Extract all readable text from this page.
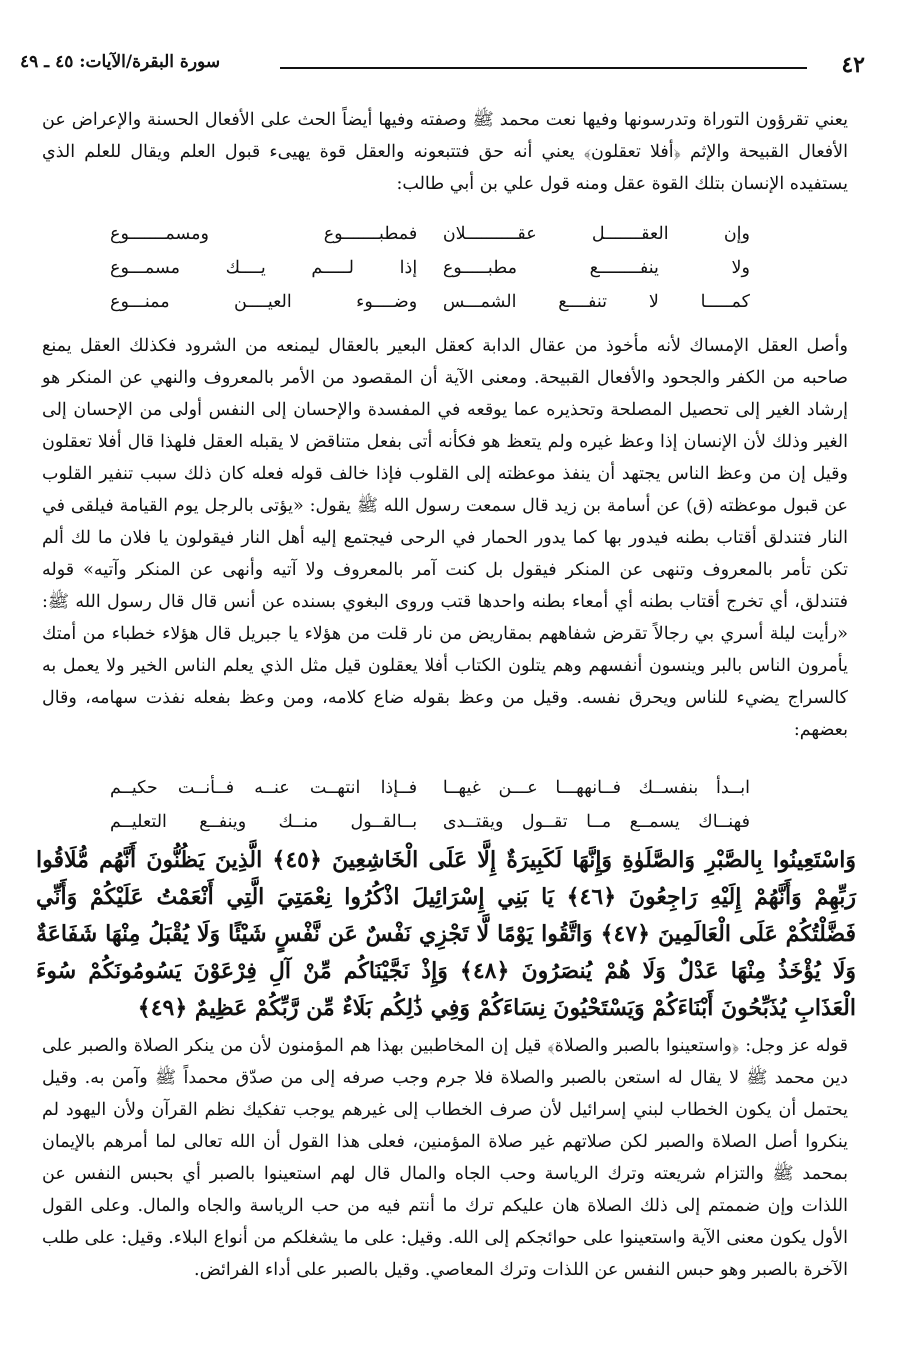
٤٢
سورة البقرة/الآيات: ٤٥ ـ ٤٩

يعني تقرؤون التوراة وتدرسونها وفيها نعت محمد ﷺ وصفته وفيها أيضاً الحث على الأفعال الحسنة والإعراض عن الأفعال القبيحة والإثم ﴿أفلا تعقلون﴾ يعني أنه حق فتتبعونه والعقل قوة يهيىء قبول العلم ويقال للعلم الذي يستفيده الإنسان بتلك القوة عقل ومنه قول علي بن أبي طالب:

وإن العقـــــــل عقــــــــــلان
فمطبـــــــوع ومسمـــــــوع
ولا ينفــــــــع مطبـــــوع
إذا لـــــم يــــك مسمـــوع
كمـــــا لا تنفــــع الشمـــس
وضــــوء العيــــن ممنـــوع

وأصل العقل الإمساك لأنه مأخوذ من عقال الدابة كعقل البعير بالعقال ليمنعه من الشرود فكذلك العقل يمنع صاحبه من الكفر والجحود والأفعال القبيحة. ومعنى الآية أن المقصود من الأمر بالمعروف والنهي عن المنكر هو إرشاد الغير إلى تحصيل المصلحة وتحذيره عما يوقعه في المفسدة والإحسان إلى النفس أولى من الإحسان إلى الغير وذلك لأن الإنسان إذا وعظ غيره ولم يتعظ هو فكأنه أتى بفعل متناقض لا يقبله العقل فلهذا قال أفلا تعقلون وقيل إن من وعظ الناس يجتهد أن ينفذ موعظته إلى القلوب فإذا خالف قوله فعله كان ذلك سبب تنفير القلوب عن قبول موعظته (ق) عن أسامة بن زيد قال سمعت رسول الله ﷺ يقول: «يؤتى بالرجل يوم القيامة فيلقى في النار فتندلق أقتاب بطنه فيدور بها كما يدور الحمار في الرحى فيجتمع إليه أهل النار فيقولون يا فلان ما لك ألم تكن تأمر بالمعروف وتنهى عن المنكر فيقول بل كنت آمر بالمعروف ولا آتيه وأنهى عن المنكر وآتيه» قوله فتندلق، أي تخرج أقتاب بطنه أي أمعاء بطنه واحدها قتب وروى البغوي بسنده عن أنس قال قال رسول الله ﷺ: «رأيت ليلة أسري بي رجالاً تقرض شفاههم بمقاريض من نار قلت من هؤلاء يا جبريل قال هؤلاء خطباء من أمتك يأمرون الناس بالبر وينسون أنفسهم وهم يتلون الكتاب أفلا يعقلون قيل مثل الذي يعلم الناس الخير ولا يعمل به كالسراج يضيء للناس ويحرق نفسه. وقيل من وعظ بقوله ضاع كلامه، ومن وعظ بفعله نفذت سهامه، وقال بعضهم:

ابــدأ بنفســك فــانههـــا عـــن غيهــا
فــإذا انتهــت عنــه فــأنــت حكيــم
فهنــاك يسمــع مــا تقــول ويقتــدى
بــالقــول منــك وينفــع التعليــم

وَاسْتَعِينُوا بِالصَّبْرِ وَالصَّلَوٰةِ وَإِنَّهَا لَكَبِيرَةٌ إِلَّا عَلَى الْخَاشِعِينَ ﴿٤٥﴾ الَّذِينَ يَظُنُّونَ أَنَّهُم مُّلَاقُوا رَبِّهِمْ وَأَنَّهُمْ إِلَيْهِ رَاجِعُونَ ﴿٤٦﴾ يَا بَنِي إِسْرَائِيلَ اذْكُرُوا نِعْمَتِيَ الَّتِي أَنْعَمْتُ عَلَيْكُمْ وَأَنِّي فَضَّلْتُكُمْ عَلَى الْعَالَمِينَ ﴿٤٧﴾ وَاتَّقُوا يَوْمًا لَّا تَجْزِي نَفْسٌ عَن نَّفْسٍ شَيْئًا وَلَا يُقْبَلُ مِنْهَا شَفَاعَةٌ وَلَا يُؤْخَذُ مِنْهَا عَدْلٌ وَلَا هُمْ يُنصَرُونَ ﴿٤٨﴾ وَإِذْ نَجَّيْنَاكُم مِّنْ آلِ فِرْعَوْنَ يَسُومُونَكُمْ سُوءَ الْعَذَابِ يُذَبِّحُونَ أَبْنَاءَكُمْ وَيَسْتَحْيُونَ نِسَاءَكُمْ وَفِي ذَٰلِكُم بَلَاءٌ مِّن رَّبِّكُمْ عَظِيمٌ ﴿٤٩﴾

قوله عز وجل: ﴿واستعينوا بالصبر والصلاة﴾ قيل إن المخاطبين بهذا هم المؤمنون لأن من ينكر الصلاة والصبر على دين محمد ﷺ لا يقال له استعن بالصبر والصلاة فلا جرم وجب صرفه إلى من صدّق محمداً ﷺ وآمن به. وقيل يحتمل أن يكون الخطاب لبني إسرائيل لأن صرف الخطاب إلى غيرهم يوجب تفكيك نظم القرآن ولأن اليهود لم ينكروا أصل الصلاة والصبر لكن صلاتهم غير صلاة المؤمنين، فعلى هذا القول أن الله تعالى لما أمرهم بالإيمان بمحمد ﷺ والتزام شريعته وترك الرياسة وحب الجاه والمال قال لهم استعينوا بالصبر أي بحبس النفس عن اللذات وإن ضممتم إلى ذلك الصلاة هان عليكم ترك ما أنتم فيه من حب الرياسة والجاه والمال. وعلى القول الأول يكون معنى الآية واستعينوا على حوائجكم إلى الله. وقيل: على ما يشغلكم من أنواع البلاء. وقيل: على طلب الآخرة بالصبر وهو حبس النفس عن اللذات وترك المعاصي. وقيل بالصبر على أداء الفرائض.
